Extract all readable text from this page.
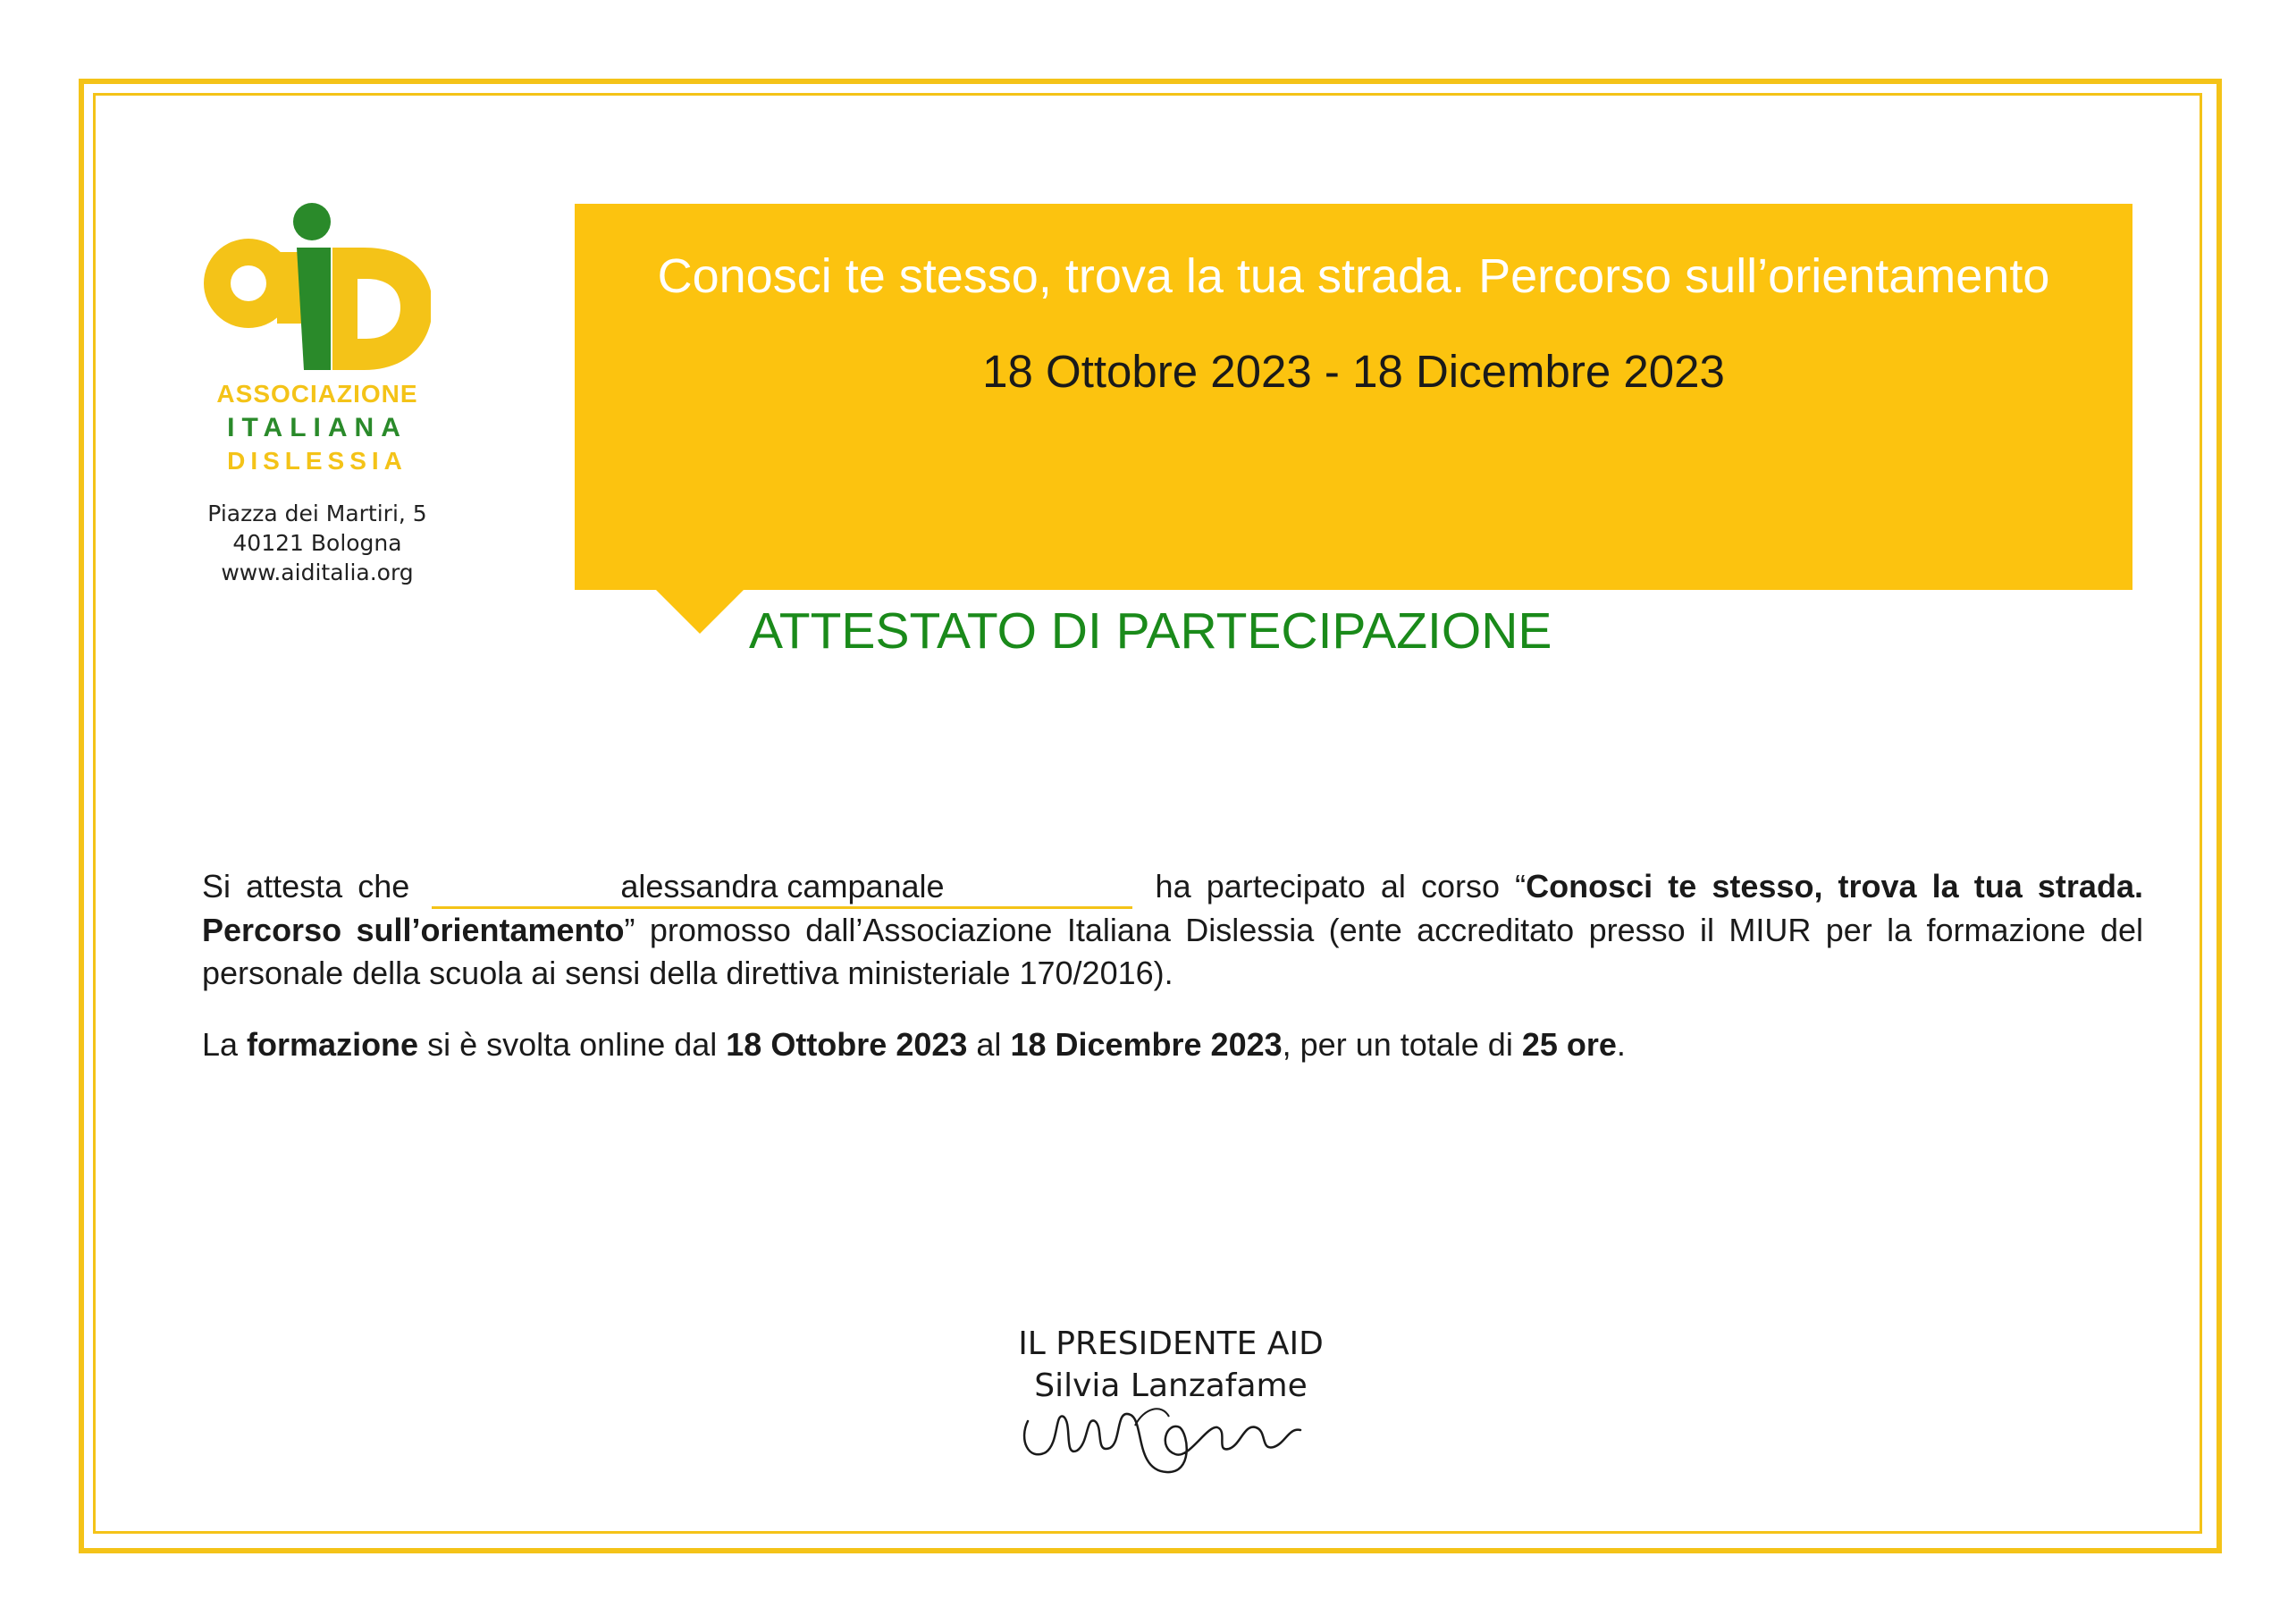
ASSOCIAZIONE
ITALIANA
DISLESSIA
Piazza dei Martiri, 5
40121 Bologna
www.aiditalia.org
Conosci te stesso, trova la tua strada. Percorso sull’orientamento
18 Ottobre 2023 - 18 Dicembre 2023
ATTESTATO DI PARTECIPAZIONE
Si attesta che	alessandra campanale	ha partecipato al corso “Conosci te stesso, trova la tua strada. Percorso sull’orientamento” promosso dall’Associazione Italiana Dislessia (ente accreditato presso il MIUR per la formazione del personale della scuola ai sensi della direttiva ministeriale 170/2016).
La formazione si è svolta online dal 18 Ottobre 2023 al 18 Dicembre 2023, per un totale di 25 ore.
IL PRESIDENTE AID
Silvia Lanzafame
